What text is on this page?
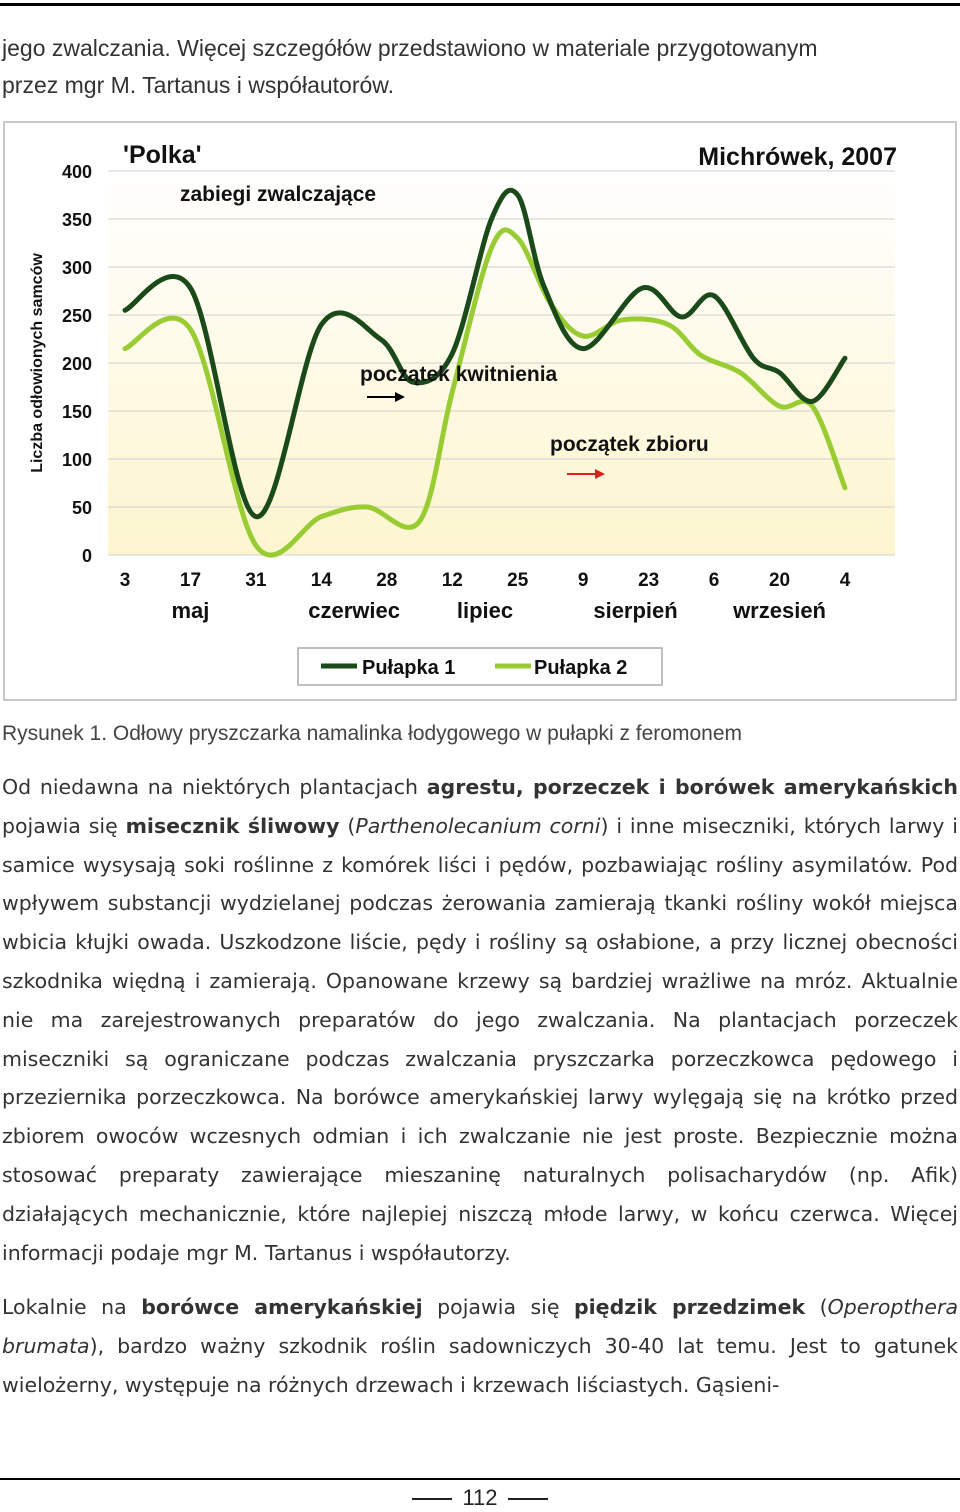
jego zwalczania. Więcej szczegółów przedstawiono w materiale przygotowanym

przez mgr M. Tartanus i współautorów.

0
50
100
150
200
250
300
350
400
3	17 31 14 28 12 25	9	23	6	20	4
maj	czerwiec	lipiec	sierpień	wrzesień
'Polka'	Michrówek, 2007
zabiegi zwalczające
Liczba odłowionych samców	początek kwitnienia
początek zbioru
Pułapka 1	Pułapka 2
Rysunek 1. Odłowy pryszczarka namalinka łodygowego w pułapki z feromonem

Od niedawna na niektórych plantacjach agrestu, porzeczek i borówek amerykańskich pojawia się misecznik śliwowy (Parthenolecanium corni) i inne miseczniki, których larwy i samice wysysają soki roślinne z komórek liści i pędów, pozbawiając rośliny asymilatów. Pod wpływem substancji wydzielanej podczas żerowania zamierają tkanki rośliny wokół miejsca wbicia kłujki owada. Uszkodzone liście, pędy i rośliny są osłabione, a przy licznej obecności szkodnika więdną i zamierają. Opanowane krzewy są bardziej wrażliwe na mróz. Aktualnie nie ma zarejestrowanych preparatów do jego zwalczania. Na plantacjach porzeczek miseczniki są ograniczane podczas zwalczania pryszczarka porzeczkowca pędowego i przeziernika porzeczkowca. Na borówce amerykańskiej larwy wylęgają się na krótko przed zbiorem owoców wczesnych odmian i ich zwalczanie nie jest proste. Bezpiecznie można stosować preparaty zawierające mieszaninę naturalnych polisacharydów (np. Afik) działających mechanicznie, które najlepiej niszczą młode larwy, w końcu czerwca. Więcej informacji podaje mgr M. Tartanus i współautorzy.

Lokalnie na borówce amerykańskiej pojawia się piędzik przedzimek (Operopthera brumata), bardzo ważny szkodnik roślin sadowniczych 30-40 lat temu. Jest to gatunek wielożerny, występuje na różnych drzewach i krzewach liściastych. Gąsieni-

112
